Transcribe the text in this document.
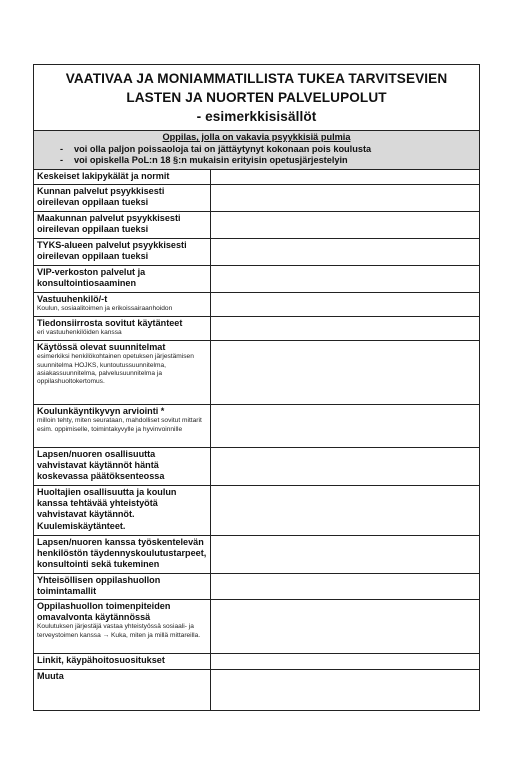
VAATIVAA JA MONIAMMATILLISTA TUKEA TARVITSEVIEN
LASTEN JA NUORTEN PALVELUPOLUT
- esimerkkisisällöt
Oppilas, jolla on vakavia psyykkisiä pulmia
- voi olla paljon poissaoloja tai on jättäytynyt kokonaan pois koulusta
- voi opiskella PoL:n 18 §:n mukaisin erityisin opetusjärjestelyin
Keskeiset lakipykälät ja normit	

Kunnan palvelut psyykkisesti oireilevan oppilaan tueksi	

Maakunnan palvelut psyykkisesti oireilevan oppilaan tueksi	

TYKS-alueen palvelut psyykkisesti oireilevan oppilaan tueksi	

VIP-verkoston palvelut ja konsultointiosaaminen	

Vastuuhenkilö/-t
Koulun, sosiaalitoimen ja erikoissairaanhoidon	

Tiedonsiirrosta sovitut käytänteet
eri vastuuhenkilöiden kanssa	

Käytössä olevat suunnitelmat
esimerkiksi henkilökohtainen opetuksen järjestämisen suunnitelma HOJKS, kuntoutussuunnitelma, asiakassuunnitelma, palvelusuunnitelma ja oppilashuoltokertomus.	

Koulunkäyntikyvyn arviointi *
milloin tehty, miten seurataan, mahdolliset sovitut mittarit esim. oppimiselle, toimintakyvylle ja hyvinvoinnille	

Lapsen/nuoren osallisuutta vahvistavat käytännöt häntä koskevassa päätöksenteossa	

Huoltajien osallisuutta ja koulun kanssa tehtävää yhteistyötä vahvistavat käytännöt. Kuulemiskäytänteet.	

Lapsen/nuoren kanssa työskentelevän henkilöstön täydennyskoulutustarpeet, konsultointi sekä tukeminen	

Yhteisöllisen oppilashuollon toimintamallit	

Oppilashuollon toimenpiteiden omavalvonta käytännössä
Koulutuksen järjestäjä vastaa yhteistyössä sosiaali- ja terveystoimen kanssa → Kuka, miten ja millä mittareilla.	

Linkit, käypähoitosuositukset	

Muuta	
